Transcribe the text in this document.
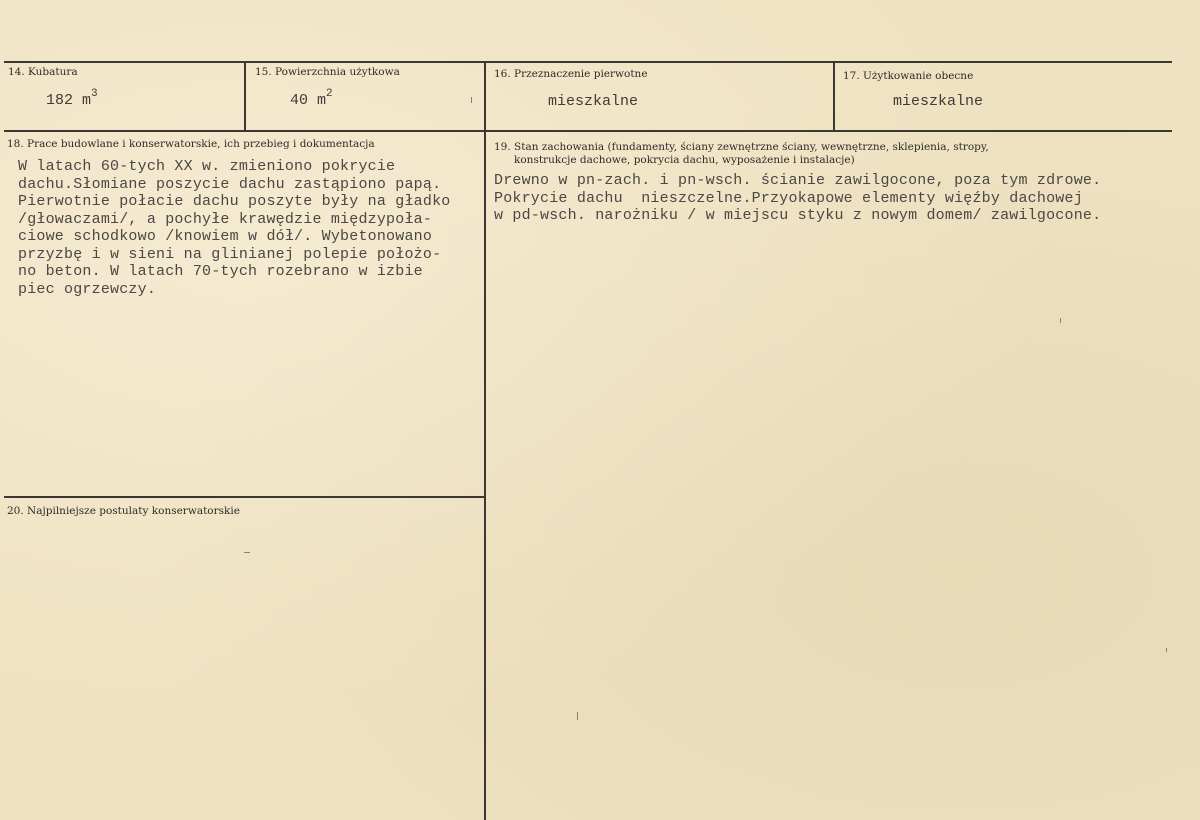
14. Kubatura
182 $m^3$
15. Powierzchnia użytkowa
40 $m^2$
16. Przeznaczenie pierwotne
mieszkalne
17. Użytkowanie obecne
mieszkalne
18. Prace budowlane i konserwatorskie, ich przebieg i dokumentacja
W latach 60-tych XX w. zmieniono pokrycie
dachu.Słomiane poszycie dachu zastąpiono papą.
Pierwotnie połacie dachu poszyte były na gładko
/głowaczami/, a pochyłe krawędzie międzypoła-
ciowe schodkowo /knowiem w dół/. Wybetonowano
przyzbę i w sieni na glinianej polepie położo-
no beton. W latach 70-tych rozebrano w izbie
piec ogrzewczy.
19. Stan zachowania (fundamenty, ściany zewnętrzne ściany, wewnętrzne, sklepienia, stropy,
konstrukcje dachowe, pokrycia dachu, wyposażenie i instalacje)
Drewno w pn-zach. i pn-wsch. ścianie zawilgocone, poza tym zdrowe.
Pokrycie dachu  nieszczelne.Przyokapowe elementy więźby dachowej
w pd-wsch. narożniku / w miejscu styku z nowym domem/ zawilgocone.
20. Najpilniejsze postulaty konserwatorskie
